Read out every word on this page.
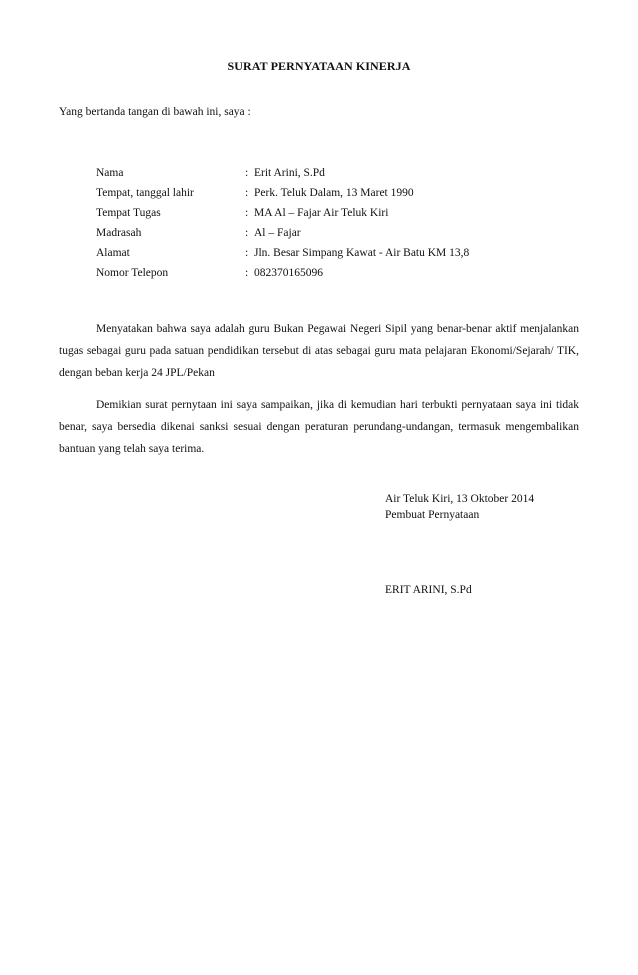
SURAT PERNYATAAN KINERJA
Yang bertanda tangan di bawah ini, saya :
Nama	: Erit Arini, S.Pd
Tempat, tanggal lahir	: Perk. Teluk Dalam, 13 Maret 1990
Tempat Tugas	: MA Al – Fajar Air Teluk Kiri
Madrasah	: Al – Fajar
Alamat	: Jln. Besar Simpang Kawat - Air Batu KM 13,8
Nomor Telepon	: 082370165096

Menyatakan bahwa saya adalah guru Bukan Pegawai Negeri Sipil yang benar-benar aktif menjalankan tugas sebagai guru pada satuan pendidikan tersebut di atas sebagai guru mata pelajaran Ekonomi/Sejarah/ TIK, dengan beban kerja 24 JPL/Pekan

Demikian surat pernytaan ini saya sampaikan, jika di kemudian hari terbukti pernyataan saya ini tidak benar, saya bersedia dikenai sanksi sesuai dengan peraturan perundang-undangan, termasuk mengembalikan bantuan yang telah saya terima.

Air Teluk Kiri, 13 Oktober 2014
Pembuat Pernyataan
ERIT ARINI, S.Pd
